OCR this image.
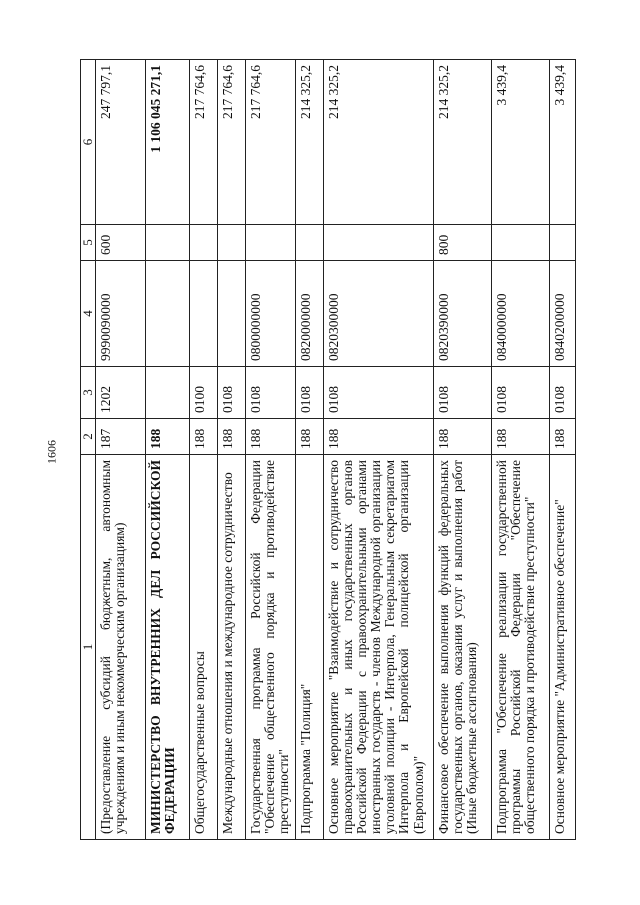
1606
1	2	3	4	5	6
(Предоставление субсидий бюджетным, автономным учреждениям и иным некоммерческим организациям)	187	1202	9990090000	600	247 797,1
МИНИСТЕРСТВО ВНУТРЕННИХ ДЕЛ РОССИЙСКОЙ ФЕДЕРАЦИИ	188				1 106 045 271,1
Общегосударственные вопросы	188	0100			217 764,6
Международные отношения и международное сотрудничество	188	0108			217 764,6
Государственная программа Российской Федерации "Обеспечение общественного порядка и противодействие преступности"	188	0108	0800000000		217 764,6
Подпрограмма "Полиция"	188	0108	0820000000		214 325,2
Основное мероприятие "Взаимодействие и сотрудничество правоохранительных и иных государственных органов Российской Федерации с правоохранительными органами иностранных государств - членов Международной организации уголовной полиции - Интерпола, Генеральным секретариатом Интерпола и Европейской полицейской организации (Европолом)"	188	0108	0820300000		214 325,2
Финансовое обеспечение выполнения функций федеральных государственных органов, оказания услуг и выполнения работ (Иные бюджетные ассигнования)	188	0108	0820390000	800	214 325,2
Подпрограмма "Обеспечение реализации государственной программы Российской Федерации "Обеспечение общественного порядка и противодействие преступности"	188	0108	0840000000		3 439,4
Основное мероприятие "Административное обеспечение"	188	0108	0840200000		3 439,4
